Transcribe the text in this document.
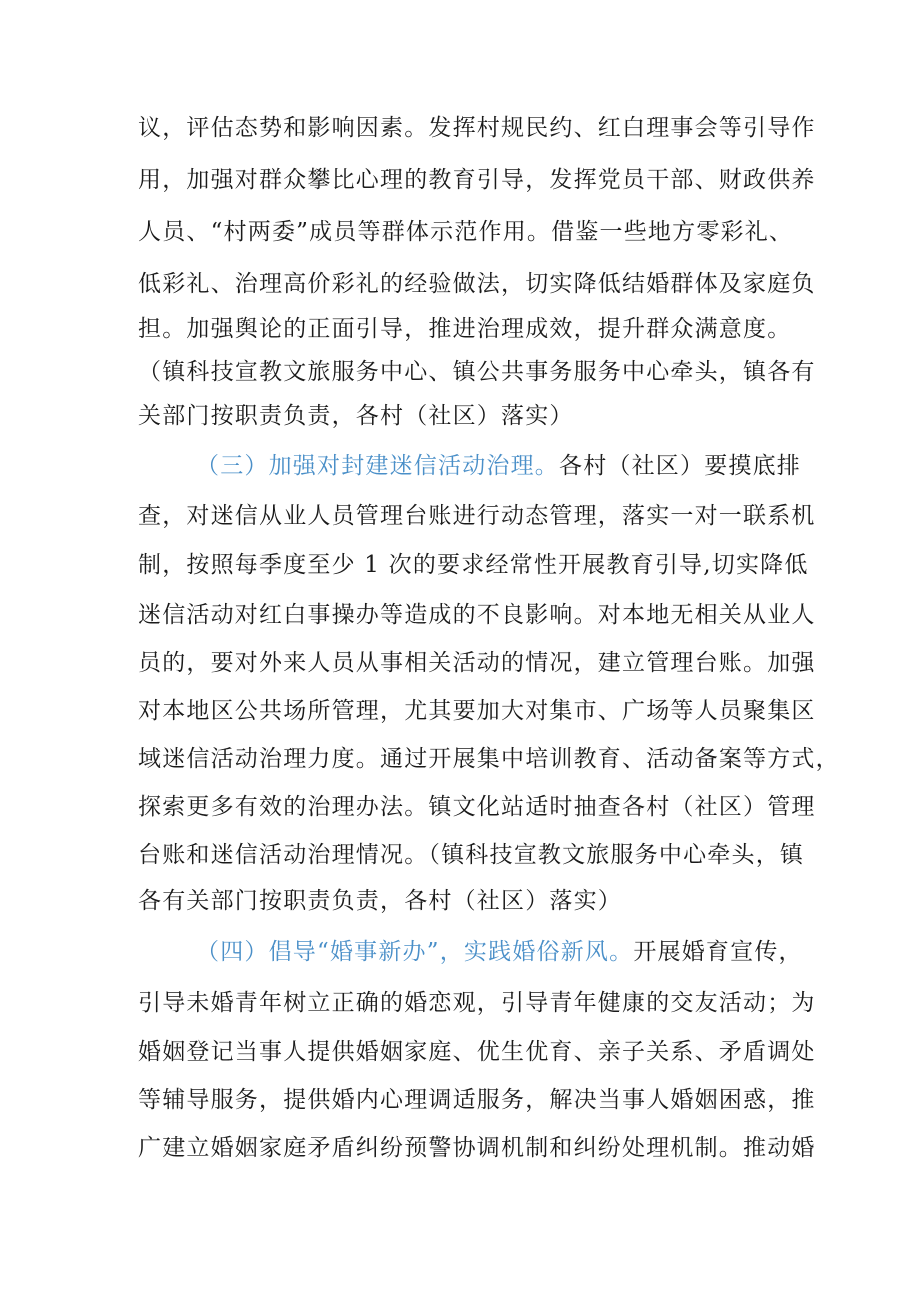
议，评估态势和影响因素。发挥村规民约、红白理事会等引导作
用，加强对群众攀比心理的教育引导，发挥党员干部、财政供养
人员、“村两委”成员等群体示范作用。借鉴一些地方零彩礼、
低彩礼、治理高价彩礼的经验做法，切实降低结婚群体及家庭负
担。加强舆论的正面引导，推进治理成效，提升群众满意度。
（镇科技宣教文旅服务中心、镇公共事务服务中心牵头，镇各有
关部门按职责负责，各村（社区）落实）
（三）加强对封建迷信活动治理。各村（社区）要摸底排
查，对迷信从业人员管理台账进行动态管理，落实一对一联系机
制，按照每季度至少 1 次的要求经常性开展教育引导,切实降低
迷信活动对红白事操办等造成的不良影响。对本地无相关从业人
员的，要对外来人员从事相关活动的情况，建立管理台账。加强
对本地区公共场所管理，尤其要加大对集市、广场等人员聚集区
域迷信活动治理力度。通过开展集中培训教育、活动备案等方式，
探索更多有效的治理办法。镇文化站适时抽查各村（社区）管理
台账和迷信活动治理情况。（镇科技宣教文旅服务中心牵头，镇
各有关部门按职责负责，各村（社区）落实）
（四）倡导“婚事新办”，实践婚俗新风。开展婚育宣传，
引导未婚青年树立正确的婚恋观，引导青年健康的交友活动；为
婚姻登记当事人提供婚姻家庭、优生优育、亲子关系、矛盾调处
等辅导服务，提供婚内心理调适服务，解决当事人婚姻困惑，推
广建立婚姻家庭矛盾纠纷预警协调机制和纠纷处理机制。推动婚
